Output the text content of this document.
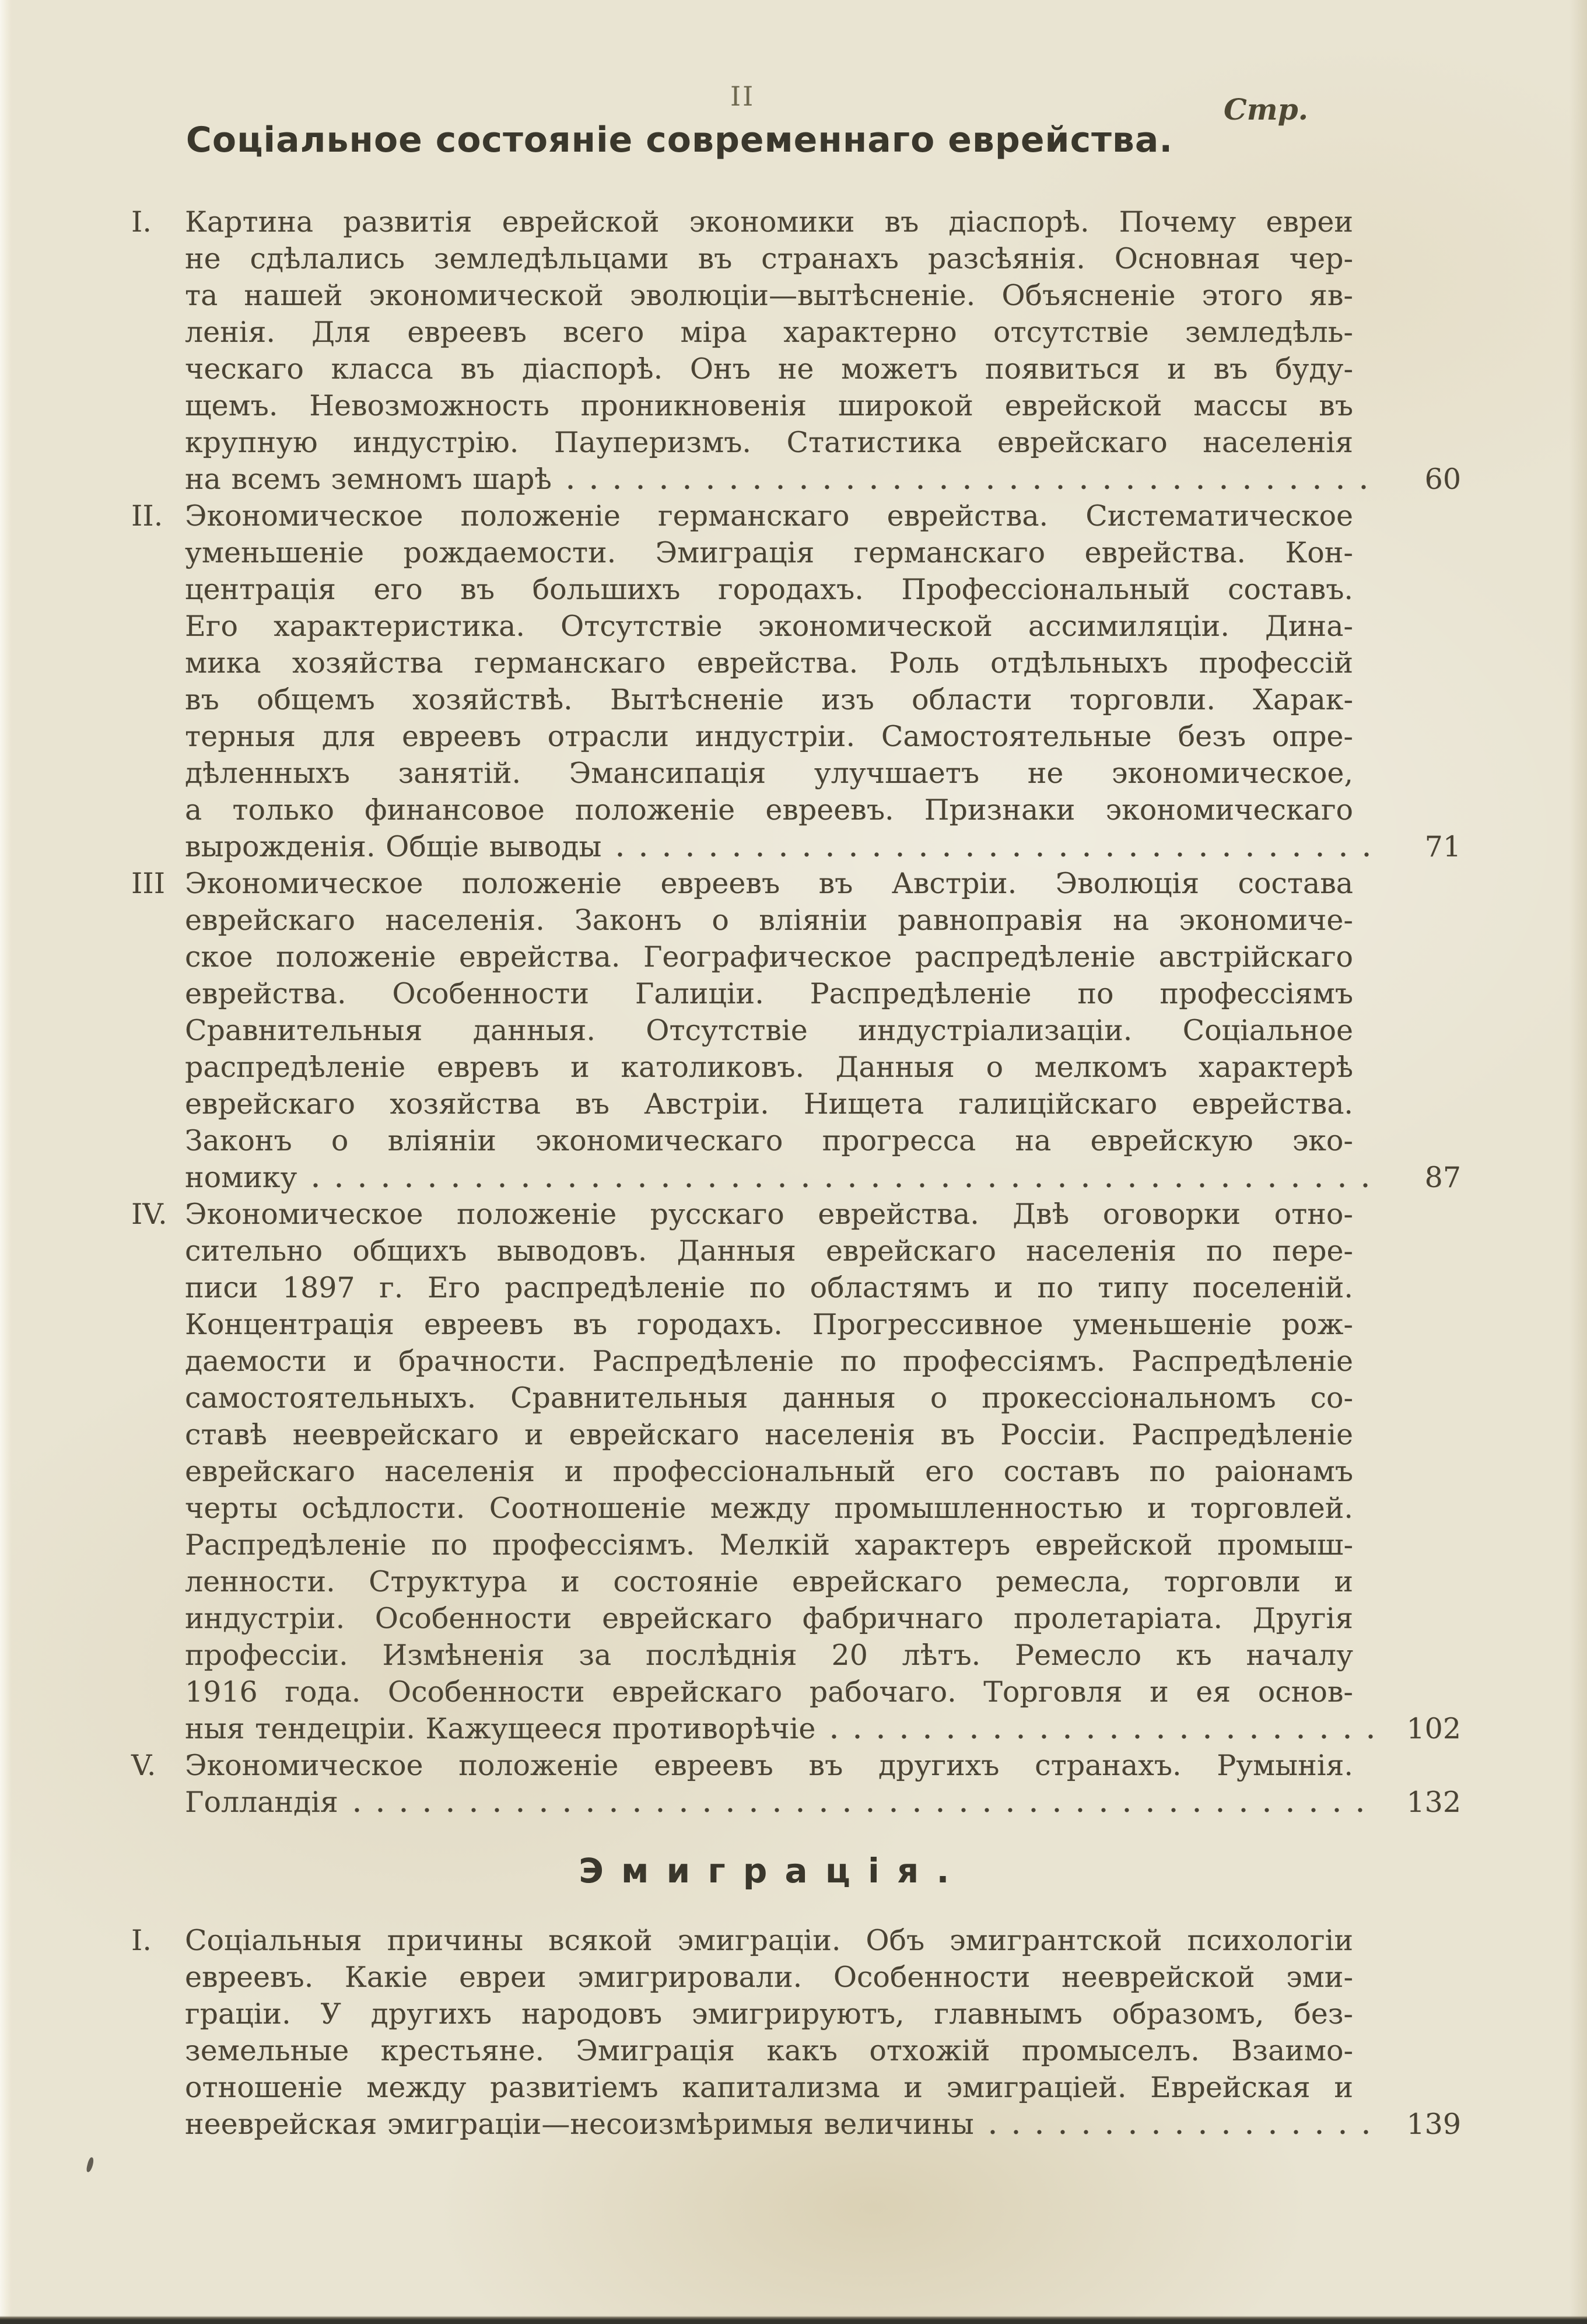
II	Стр.
Соціальное состояніе современнаго еврейства.
I. Картина развитія еврейской экономики въ діаспорѣ. Почему евреи
не сдѣлались земледѣльцами въ странахъ разсѣянія. Основная чер-
та нашей экономической эволюціи—вытѣсненіе. Объясненіе этого яв-
ленія. Для евреевъ всего міра характерно отсутствіе земледѣль-
ческаго класса въ діаспорѣ. Онъ не можетъ появиться и въ буду-
щемъ. Невозможность проникновенія широкой еврейской массы въ
крупную индустрію. Пауперизмъ. Статистика еврейскаго населенія
на всемъ земномъ шарѣ	60
II. Экономическое положеніе германскаго еврейства. Систематическое
уменьшеніе рождаемости. Эмиграція германскаго еврейства. Кон-
центрація его въ большихъ городахъ. Профессіональный составъ.
Его характеристика. Отсутствіе экономической ассимиляціи. Дина-
мика хозяйства германскаго еврейства. Роль отдѣльныхъ профессій
въ общемъ хозяйствѣ. Вытѣсненіе изъ области торговли. Харак-
терныя для евреевъ отрасли индустріи. Самостоятельные безъ опре-
дѣленныхъ занятій. Эмансипація улучшаетъ не экономическое,
а только финансовое положеніе евреевъ. Признаки экономическаго
вырожденія. Общіе выводы	71
III Экономическое положеніе евреевъ въ Австріи. Эволюція состава
еврейскаго населенія. Законъ о вліяніи равноправія на экономиче-
ское положеніе еврейства. Географическое распредѣленіе австрійскаго
еврейства. Особенности Галиціи. Распредѣленіе по профессіямъ
Сравнительныя данныя. Отсутствіе индустріализаціи. Соціальное
распредѣленіе евревъ и католиковъ. Данныя о мелкомъ характерѣ
еврейскаго хозяйства въ Австріи. Нищета галиційскаго еврейства.
Законъ о вліяніи экономическаго прогресса на еврейскую эко-
номику	87
IV. Экономическое положеніе русскаго еврейства. Двѣ оговорки отно-
сительно общихъ выводовъ. Данныя еврейскаго населенія по пере-
писи 1897 г. Его распредѣленіе по областямъ и по типу поселеній.
Концентрація евреевъ въ городахъ. Прогрессивное уменьшеніе рож-
даемости и брачности. Распредѣленіе по профессіямъ. Распредѣленіе
самостоятельныхъ. Сравнительныя данныя о прокессіональномъ со-
ставѣ нееврейскаго и еврейскаго населенія въ Россіи. Распредѣленіе
еврейскаго населенія и профессіональный его составъ по раіонамъ
черты осѣдлости. Соотношеніе между промышленностью и торговлей.
Распредѣленіе по профессіямъ. Мелкій характеръ еврейской промыш-
ленности. Структура и состояніе еврейскаго ремесла, торговли и
индустріи. Особенности еврейскаго фабричнаго пролетаріата. Другія
профессіи. Измѣненія за послѣднія 20 лѣтъ. Ремесло къ началу
1916 года. Особенности еврейскаго рабочаго. Торговля и ея основ-
ныя тендецріи. Кажущееся противорѣчіе	102
V. Экономическое положеніе евреевъ въ другихъ странахъ. Румынія.
Голландія	132
Эмиграція.
I. Соціальныя причины всякой эмиграціи. Объ эмигрантской психологіи
евреевъ. Какіе евреи эмигрировали. Особенности нееврейской эми-
граціи. У другихъ народовъ эмигрируютъ, главнымъ образомъ, без-
земельные крестьяне. Эмиграція какъ отхожій промыселъ. Взаимо-
отношеніе между развитіемъ капитализма и эмиграціей. Еврейская и
нееврейская эмиграціи—несоизмѣримыя величины	139
